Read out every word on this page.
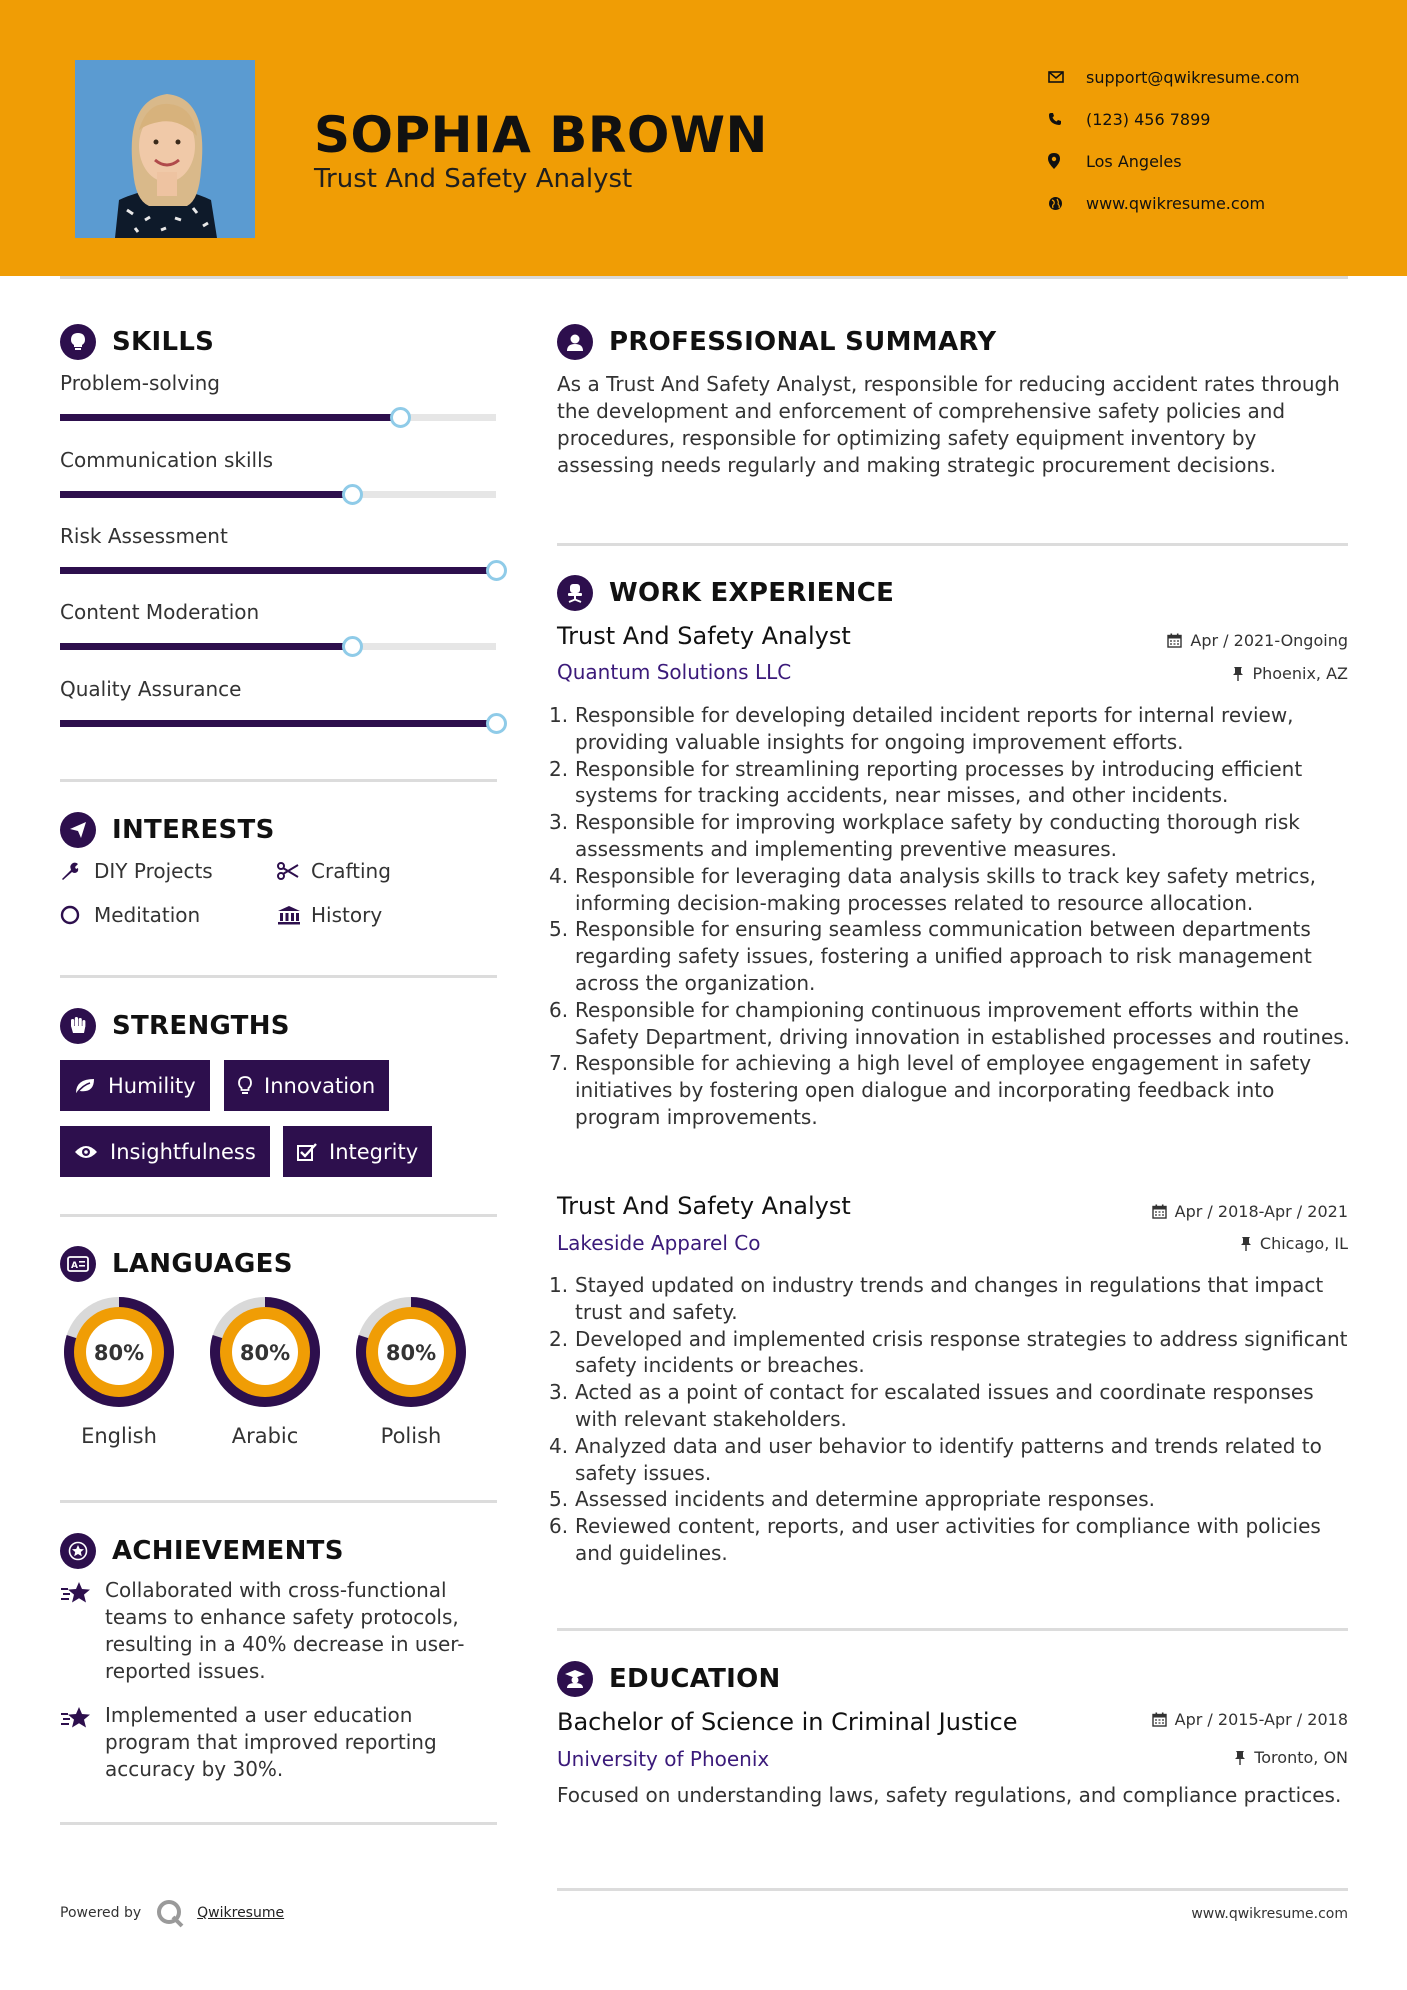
SOPHIA BROWN
Trust And Safety Analyst
support@qwikresume.com
(123) 456 7899
Los Angeles
www.qwikresume.com
SKILLS
Problem-solving
Communication skills
Risk Assessment
Content Moderation
Quality Assurance
INTERESTS
DIY Projects	Crafting
Meditation	History
STRENGTHS
Humility	Innovation
Insightfulness	Integrity
A LANGUAGES
80%
English
80%
Arabic
80%
Polish
ACHIEVEMENTS
Collaborated with cross-functional teams to enhance safety protocols, resulting in a 40% decrease in user-reported issues.
Implemented a user education program that improved reporting accuracy by 30%.
PROFESSIONAL SUMMARY
As a Trust And Safety Analyst, responsible for reducing accident rates through the development and enforcement of comprehensive safety policies and procedures, responsible for optimizing safety equipment inventory by assessing needs regularly and making strategic procurement decisions.
WORK EXPERIENCE
Trust And Safety Analyst	Apr / 2021-Ongoing
Quantum Solutions LLC	Phoenix, AZ
1. Responsible for developing detailed incident reports for internal review, providing valuable insights for ongoing improvement efforts.
2. Responsible for streamlining reporting processes by introducing efficient systems for tracking accidents, near misses, and other incidents.
3. Responsible for improving workplace safety by conducting thorough risk assessments and implementing preventive measures.
4. Responsible for leveraging data analysis skills to track key safety metrics, informing decision-making processes related to resource allocation.
5. Responsible for ensuring seamless communication between departments regarding safety issues, fostering a unified approach to risk management across the organization.
6. Responsible for championing continuous improvement efforts within the Safety Department, driving innovation in established processes and routines.
7. Responsible for achieving a high level of employee engagement in safety initiatives by fostering open dialogue and incorporating feedback into program improvements.
Trust And Safety Analyst	Apr / 2018-Apr / 2021
Lakeside Apparel Co	Chicago, IL
1. Stayed updated on industry trends and changes in regulations that impact trust and safety.
2. Developed and implemented crisis response strategies to address significant safety incidents or breaches.
3. Acted as a point of contact for escalated issues and coordinate responses with relevant stakeholders.
4. Analyzed data and user behavior to identify patterns and trends related to safety issues.
5. Assessed incidents and determine appropriate responses.
6. Reviewed content, reports, and user activities for compliance with policies and guidelines.
EDUCATION
Bachelor of Science in Criminal Justice	Apr / 2015-Apr / 2018
University of Phoenix	Toronto, ON
Focused on understanding laws, safety regulations, and compliance practices.
Powered by	Qwikresume	www.qwikresume.com
